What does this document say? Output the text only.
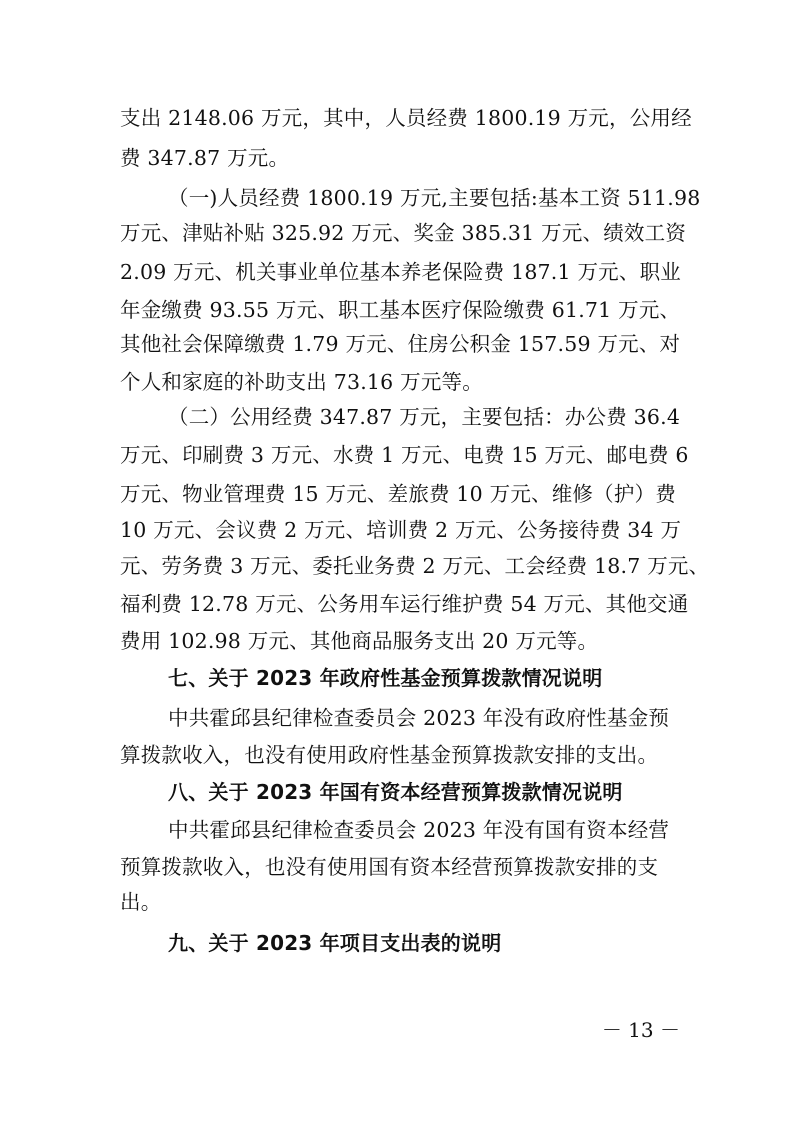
支出 2148.06 万元，其中，人员经费 1800.19 万元，公用经
费 347.87 万元。
（一)人员经费 1800.19 万元,主要包括:基本工资 511.98
万元、津贴补贴 325.92 万元、奖金 385.31 万元、绩效工资
2.09 万元、机关事业单位基本养老保险费 187.1 万元、职业
年金缴费 93.55 万元、职工基本医疗保险缴费 61.71 万元、
其他社会保障缴费 1.79 万元、住房公积金 157.59 万元、对
个人和家庭的补助支出 73.16 万元等。
（二）公用经费 347.87 万元，主要包括：办公费 36.4
万元、印刷费 3 万元、水费 1 万元、电费 15 万元、邮电费 6
万元、物业管理费 15 万元、差旅费 10 万元、维修（护）费
10 万元、会议费 2 万元、培训费 2 万元、公务接待费 34 万
元、劳务费 3 万元、委托业务费 2 万元、工会经费 18.7 万元、
福利费 12.78 万元、公务用车运行维护费 54 万元、其他交通
费用 102.98 万元、其他商品服务支出 20 万元等。
七、关于 2023 年政府性基金预算拨款情况说明
中共霍邱县纪律检查委员会 2023 年没有政府性基金预
算拨款收入，也没有使用政府性基金预算拨款安排的支出。
八、关于 2023 年国有资本经营预算拨款情况说明
中共霍邱县纪律检查委员会 2023 年没有国有资本经营
预算拨款收入，也没有使用国有资本经营预算拨款安排的支
出。
九、关于 2023 年项目支出表的说明
－ 13 －
